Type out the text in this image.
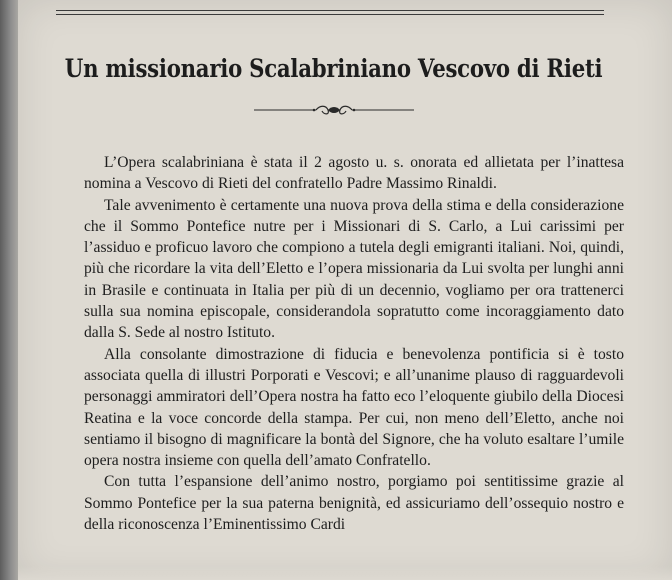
Un missionario Scalabriniano Vescovo di Rieti

L’Opera scalabriniana è stata il 2 agosto u. s. onorata ed allietata per l’inattesa nomina a Vescovo di Rieti del confratello Padre Massimo Rinaldi.

Tale avvenimento è certamente una nuova prova della stima e della considerazione che il Sommo Pontefice nutre per i Missionari di S. Carlo, a Lui carissimi per l’assiduo e proficuo lavoro che compiono a tutela degli emigranti italiani. Noi, quindi, più che ricordare la vita dell’Eletto e l’opera missionaria da Lui svolta per lunghi anni in Brasile e continuata in Italia per più di un decennio, vogliamo per ora trattenerci sulla sua nomina episcopale, considerandola sopratutto come incoraggiamento dato dalla S. Sede al nostro Istituto.

Alla consolante dimostrazione di fiducia e benevolenza pontificia si è tosto associata quella di illustri Porporati e Vescovi; e all’unanime plauso di ragguardevoli personaggi ammiratori dell’Opera nostra ha fatto eco l’eloquente giubilo della Diocesi Reatina e la voce concorde della stampa. Per cui, non meno dell’Eletto, anche noi sentiamo il bisogno di magnificare la bontà del Signore, che ha voluto esaltare l’umile opera nostra insieme con quella dell’amato Confratello.

Con tutta l’espansione dell’animo nostro, porgiamo poi sentitissime grazie al Sommo Pontefice per la sua paterna benignità, ed assicuriamo dell’ossequio nostro e della riconoscenza l’Eminentissimo Cardi
